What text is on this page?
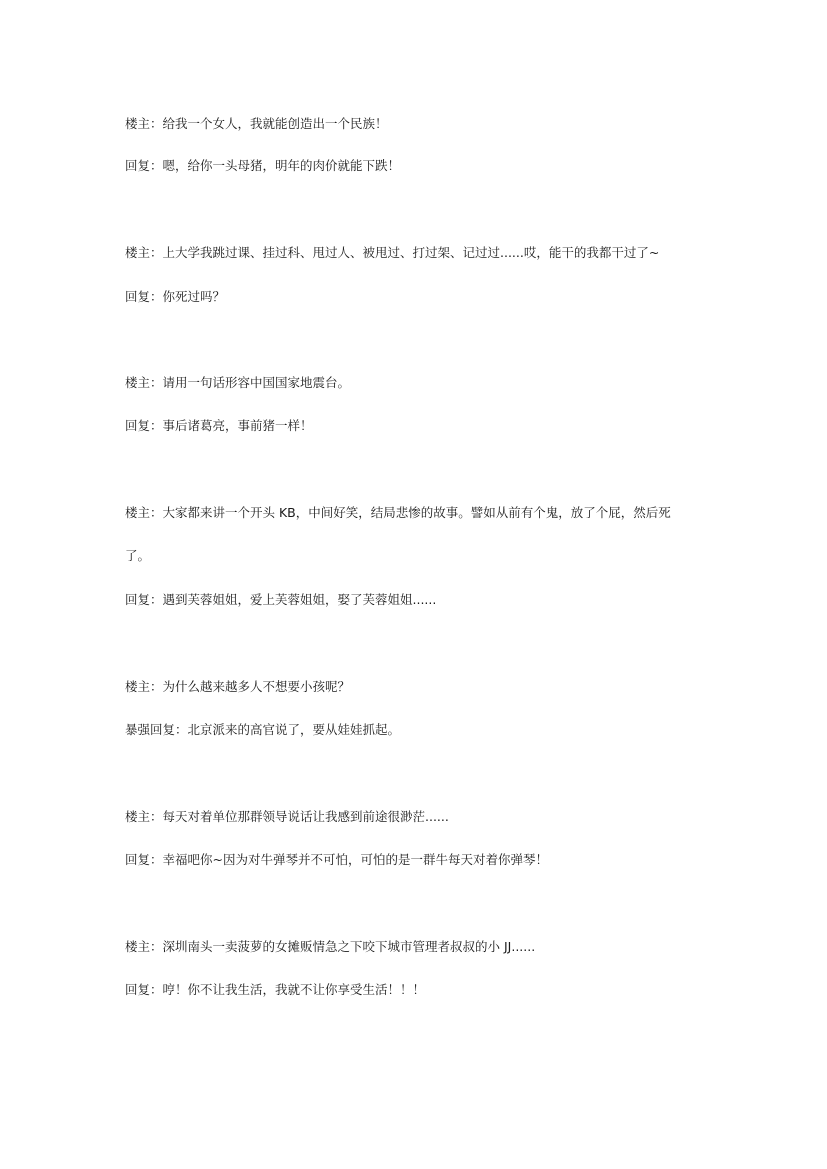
楼主：给我一个女人，我就能创造出一个民族！
回复：嗯，给你一头母猪，明年的肉价就能下跌！
楼主：上大学我跳过课、挂过科、甩过人、被甩过、打过架、记过过......哎，能干的我都干过了~
回复：你死过吗？
楼主：请用一句话形容中国国家地震台。
回复：事后诸葛亮，事前猪一样！
楼主：大家都来讲一个开头 KB，中间好笑，结局悲惨的故事。譬如从前有个鬼，放了个屁，然后死
了。
回复：遇到芙蓉姐姐，爱上芙蓉姐姐，娶了芙蓉姐姐......
楼主：为什么越来越多人不想要小孩呢？
暴强回复：北京派来的高官说了，要从娃娃抓起。
楼主：每天对着单位那群领导说话让我感到前途很渺茫......
回复：幸福吧你~因为对牛弹琴并不可怕，可怕的是一群牛每天对着你弹琴！
楼主：深圳南头一卖菠萝的女摊贩情急之下咬下城市管理者叔叔的小 JJ......
回复：哼！你不让我生活，我就不让你享受生活！！！
